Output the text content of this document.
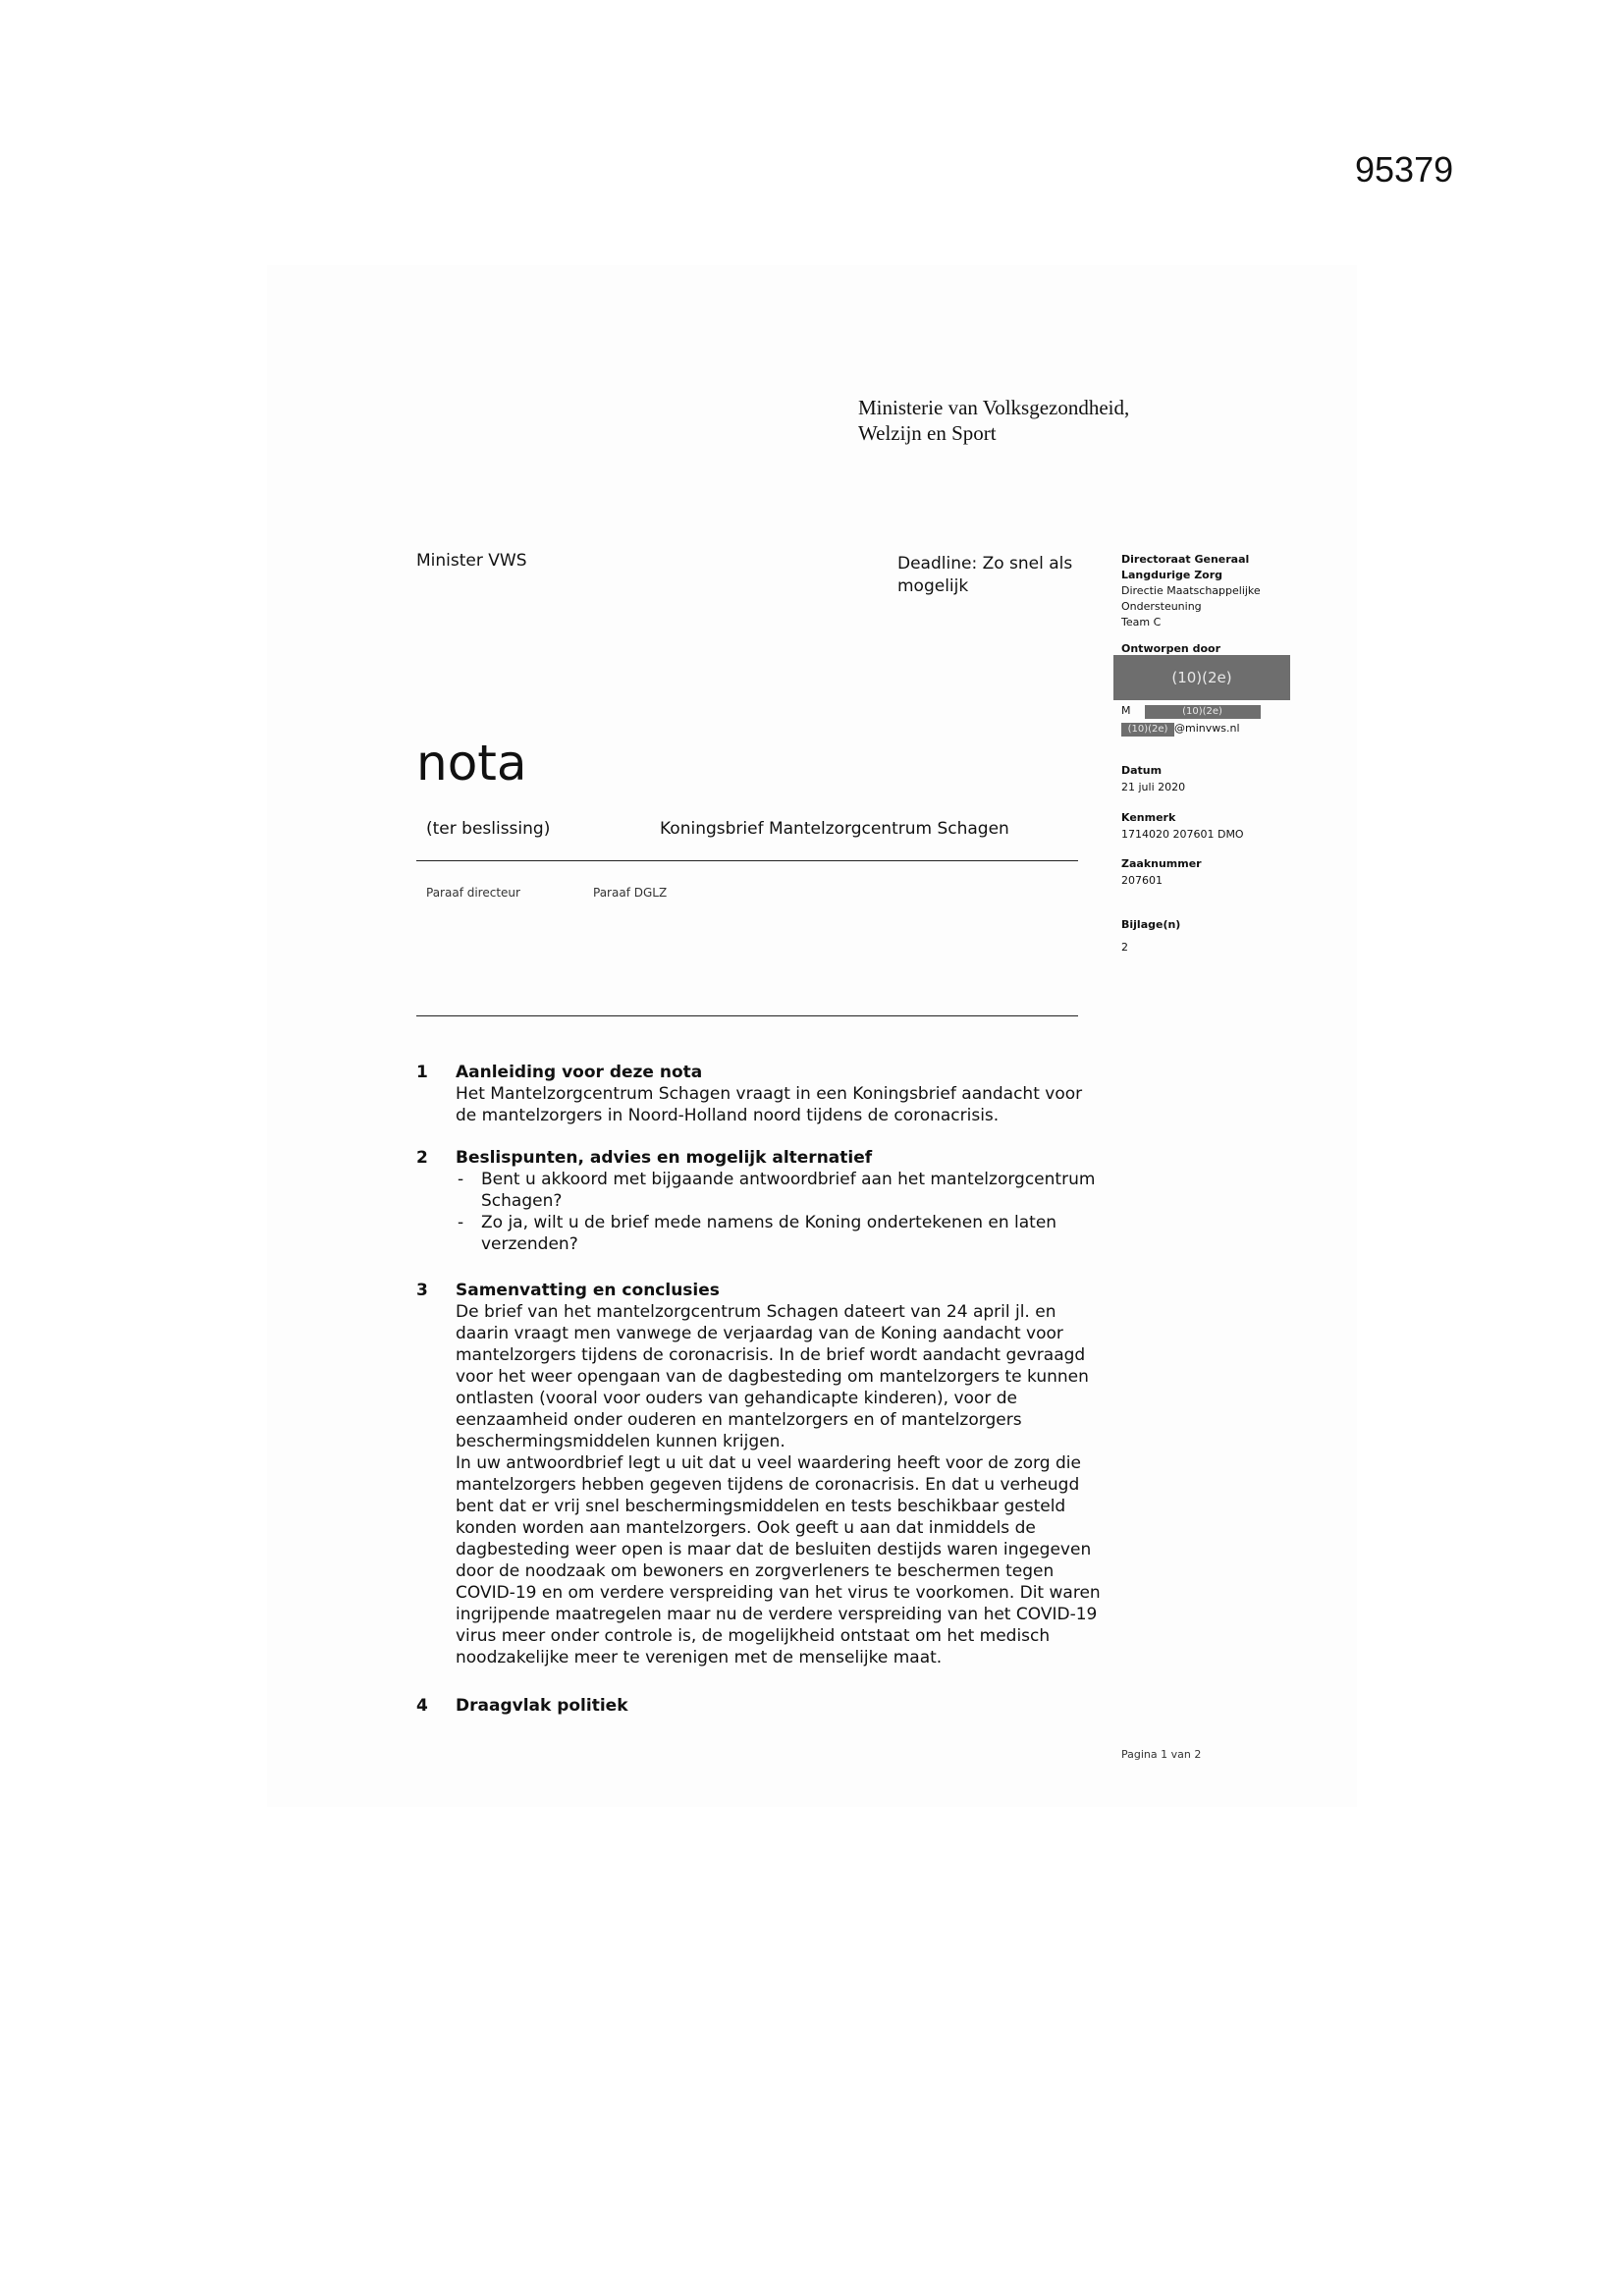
95379
Ministerie van Volksgezondheid,
Welzijn en Sport
Minister VWS	Deadline: Zo snel als
mogelijk
Directoraat Generaal
Langdurige Zorg
Directie Maatschappelijke
Ondersteuning
Team C
Ontworpen door
(10)(2e)
M	(10)(2e)
(10)(2e) @minvws.nl
Datum
21 juli 2020
Kenmerk
1714020 207601 DMO
Zaaknummer
207601
Bijlage(n)
2
nota
(ter beslissing)	Koningsbrief Mantelzorgcentrum Schagen
Paraaf directeur	Paraaf DGLZ
1 Aanleiding voor deze nota

Het Mantelzorgcentrum Schagen vraagt in een Koningsbrief aandacht voor de mantelzorgers in Noord-Holland noord tijdens de coronacrisis.

2 Beslispunten, advies en mogelijk alternatief
- Bent u akkoord met bijgaande antwoordbrief aan het mantelzorgcentrum Schagen?
- Zo ja, wilt u de brief mede namens de Koning ondertekenen en laten verzenden?
3 Samenvatting en conclusies

De brief van het mantelzorgcentrum Schagen dateert van 24 april jl. en daarin vraagt men vanwege de verjaardag van de Koning aandacht voor mantelzorgers tijdens de coronacrisis. In de brief wordt aandacht gevraagd voor het weer opengaan van de dagbesteding om mantelzorgers te kunnen ontlasten (vooral voor ouders van gehandicapte kinderen), voor de eenzaamheid onder ouderen en mantelzorgers en of mantelzorgers beschermingsmiddelen kunnen krijgen.

In uw antwoordbrief legt u uit dat u veel waardering heeft voor de zorg die mantelzorgers hebben gegeven tijdens de coronacrisis. En dat u verheugd bent dat er vrij snel beschermingsmiddelen en tests beschikbaar gesteld konden worden aan mantelzorgers. Ook geeft u aan dat inmiddels de dagbesteding weer open is maar dat de besluiten destijds waren ingegeven door de noodzaak om bewoners en zorgverleners te beschermen tegen COVID-19 en om verdere verspreiding van het virus te voorkomen. Dit waren ingrijpende maatregelen maar nu de verdere verspreiding van het COVID-19 virus meer onder controle is, de mogelijkheid ontstaat om het medisch noodzakelijke meer te verenigen met de menselijke maat.

4 Draagvlak politiek
Pagina 1 van 2
